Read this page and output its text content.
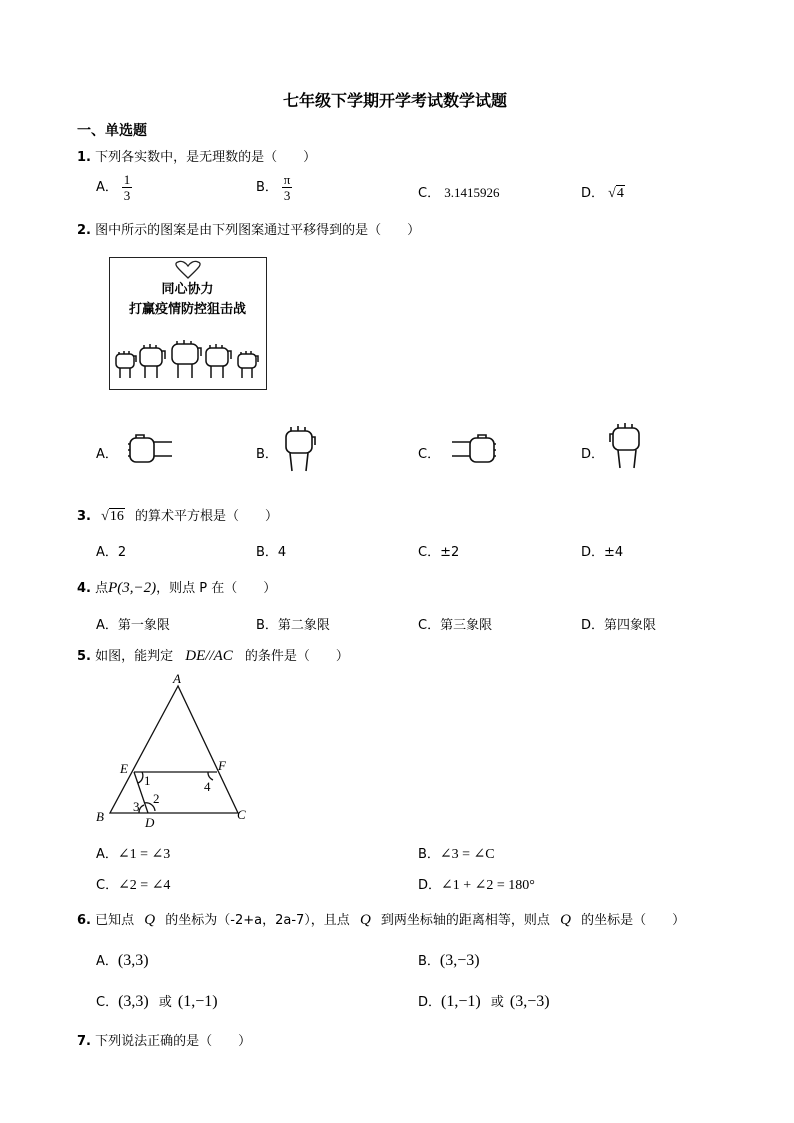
七年级下学期开学考试数学试题
一、单选题
1. 下列各实数中，是无理数的是（　　）
A． $\frac{1}{3}$	B． $\frac{\pi}{3}$	C． 3.1415926	D． √4
2. 图中所示的图案是由下列图案通过平移得到的是（　　）
同心协力
打赢疫情防控狙击战
A．	B．	C．	D．
3. √16 的算术平方根是（　　）
A．2	B．4	C．±2	D．±4
4. 点P(3,−2)，则点 P 在（　　）
A．第一象限	B．第二象限	C．第三象限	D．第四象限
5. 如图，能判定 DE//AC 的条件是（　　）
A
B	C
D
E	F
1
2
3
4
A．∠1 = ∠3	B．∠3 = ∠C
C．∠2 = ∠4	D．∠1 + ∠2 = 180°
6. 已知点 Q 的坐标为（-2+a，2a-7），且点 Q 到两坐标轴的距离相等，则点 Q 的坐标是（　　）
A．(3,3)	B．(3,−3)
C．(3,3) 或 (1,−1)	D．(1,−1) 或 (3,−3)
7. 下列说法正确的是（　　）
